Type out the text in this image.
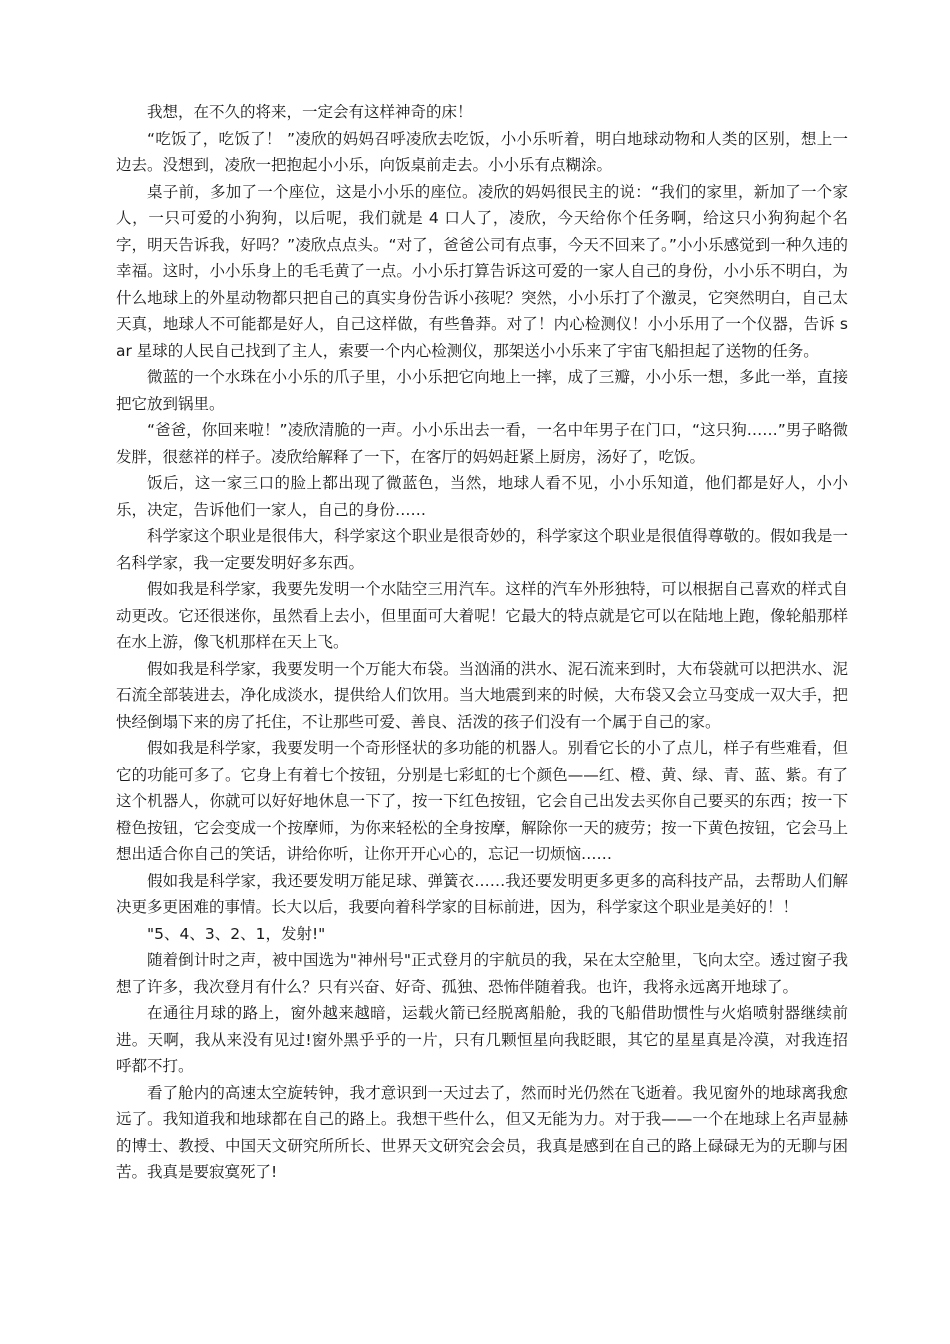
我想，在不久的将来，一定会有这样神奇的床！

“吃饭了，吃饭了！ ”凌欣的妈妈召呼凌欣去吃饭，小小乐听着，明白地球动物和人类的区别，想上一边去。没想到，凌欣一把抱起小小乐，向饭桌前走去。小小乐有点糊涂。

桌子前，多加了一个座位，这是小小乐的座位。凌欣的妈妈很民主的说：“我们的家里，新加了一个家人，一只可爱的小狗狗，以后呢，我们就是 4 口人了，凌欣，今天给你个任务啊，给这只小狗狗起个名字，明天告诉我，好吗？”凌欣点点头。“对了，爸爸公司有点事，今天不回来了。”小小乐感觉到一种久违的幸福。这时，小小乐身上的毛毛黄了一点。小小乐打算告诉这可爱的一家人自己的身份，小小乐不明白，为什么地球上的外星动物都只把自己的真实身份告诉小孩呢？突然，小小乐打了个激灵，它突然明白，自己太天真，地球人不可能都是好人，自己这样做，有些鲁莽。对了！内心检测仪！小小乐用了一个仪器，告诉 sar 星球的人民自己找到了主人，索要一个内心检测仪，那架送小小乐来了宇宙飞船担起了送物的任务。

微蓝的一个水珠在小小乐的爪子里，小小乐把它向地上一摔，成了三瓣，小小乐一想，多此一举，直接把它放到锅里。

“爸爸，你回来啦！”凌欣清脆的一声。小小乐出去一看，一名中年男子在门口，“这只狗……”男子略微发胖，很慈祥的样子。凌欣给解释了一下，在客厅的妈妈赶紧上厨房，汤好了，吃饭。

饭后，这一家三口的脸上都出现了微蓝色，当然，地球人看不见，小小乐知道，他们都是好人，小小乐，决定，告诉他们一家人，自己的身份……

科学家这个职业是很伟大，科学家这个职业是很奇妙的，科学家这个职业是很值得尊敬的。假如我是一名科学家，我一定要发明好多东西。

假如我是科学家，我要先发明一个水陆空三用汽车。这样的汽车外形独特，可以根据自己喜欢的样式自动更改。它还很迷你，虽然看上去小，但里面可大着呢！它最大的特点就是它可以在陆地上跑，像轮船那样在水上游，像飞机那样在天上飞。

假如我是科学家，我要发明一个万能大布袋。当汹涌的洪水、泥石流来到时，大布袋就可以把洪水、泥石流全部装进去，净化成淡水，提供给人们饮用。当大地震到来的时候，大布袋又会立马变成一双大手，把快经倒塌下来的房了托住，不让那些可爱、善良、活泼的孩子们没有一个属于自己的家。

假如我是科学家，我要发明一个奇形怪状的多功能的机器人。别看它长的小了点儿，样子有些难看，但它的功能可多了。它身上有着七个按钮，分别是七彩虹的七个颜色——红、橙、黄、绿、青、蓝、紫。有了这个机器人，你就可以好好地休息一下了，按一下红色按钮，它会自己出发去买你自己要买的东西；按一下橙色按钮，它会变成一个按摩师，为你来轻松的全身按摩，解除你一天的疲劳；按一下黄色按钮，它会马上想出适合你自己的笑话，讲给你听，让你开开心心的，忘记一切烦恼……

假如我是科学家，我还要发明万能足球、弹簧衣……我还要发明更多更多的高科技产品，去帮助人们解决更多更困难的事情。长大以后，我要向着科学家的目标前进，因为，科学家这个职业是美好的！！

"5、4、3、2、1，发射!"

随着倒计时之声，被中国选为"神州号"正式登月的宇航员的我，呆在太空舱里，飞向太空。透过窗子我想了许多，我次登月有什么？只有兴奋、好奇、孤独、恐怖伴随着我。也许，我将永远离开地球了。

在通往月球的路上，窗外越来越暗，运载火箭已经脱离船舱，我的飞船借助惯性与火焰喷射器继续前进。天啊，我从来没有见过!窗外黑乎乎的一片，只有几颗恒星向我眨眼，其它的星星真是冷漠，对我连招呼都不打。

看了舱内的高速太空旋转钟，我才意识到一天过去了，然而时光仍然在飞逝着。我见窗外的地球离我愈远了。我知道我和地球都在自己的路上。我想干些什么，但又无能为力。对于我——一个在地球上名声显赫的博士、教授、中国天文研究所所长、世界天文研究会会员，我真是感到在自己的路上碌碌无为的无聊与困苦。我真是要寂寞死了!
